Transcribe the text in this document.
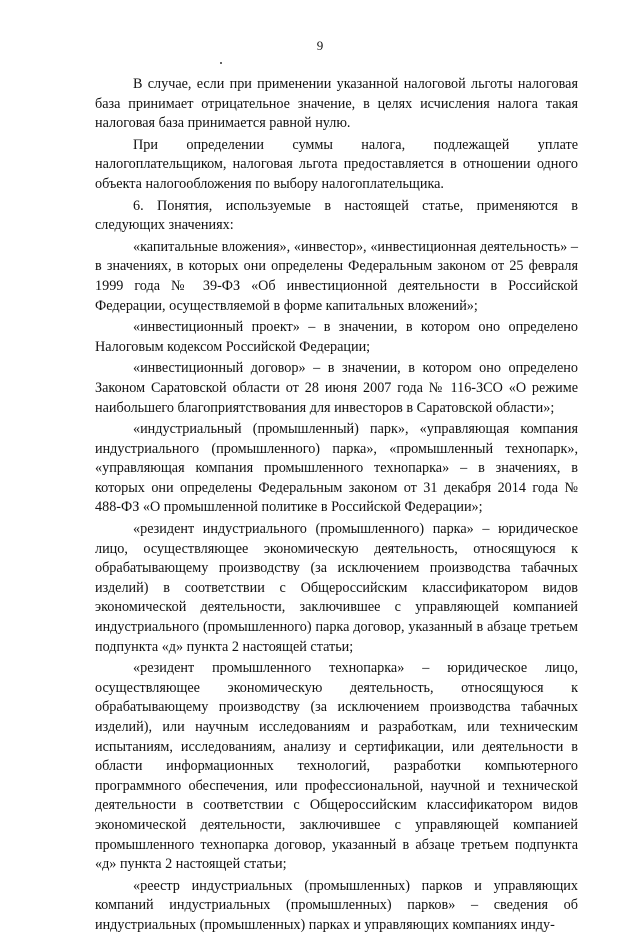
9

В случае, если при применении указанной налоговой льготы налоговая база принимает отрицательное значение, в целях исчисления налога такая налоговая база принимается равной нулю.

При определении суммы налога, подлежащей уплате налогоплательщиком, налоговая льгота предоставляется в отношении одного объекта налогообложения по выбору налогоплательщика.

6. Понятия, используемые в настоящей статье, применяются в следующих значениях:

«капитальные вложения», «инвестор», «инвестиционная деятельность» – в значениях, в которых они определены Федеральным законом от 25 февраля 1999 года № 39-ФЗ «Об инвестиционной деятельности в Российской Федерации, осуществляемой в форме капитальных вложений»;

«инвестиционный проект» – в значении, в котором оно определено Налоговым кодексом Российской Федерации;

«инвестиционный договор» – в значении, в котором оно определено Законом Саратовской области от 28 июня 2007 года № 116-ЗСО «О режиме наибольшего благоприятствования для инвесторов в Саратовской области»;

«индустриальный (промышленный) парк», «управляющая компания индустриального (промышленного) парка», «промышленный технопарк», «управляющая компания промышленного технопарка» – в значениях, в которых они определены Федеральным законом от 31 декабря 2014 года № 488-ФЗ «О промышленной политике в Российской Федерации»;

«резидент индустриального (промышленного) парка» – юридическое лицо, осуществляющее экономическую деятельность, относящуюся к обрабатывающему производству (за исключением производства табачных изделий) в соответствии с Общероссийским классификатором видов экономической деятельности, заключившее с управляющей компанией индустриального (промышленного) парка договор, указанный в абзаце третьем подпункта «д» пункта 2 настоящей статьи;

«резидент промышленного технопарка» – юридическое лицо, осуществляющее экономическую деятельность, относящуюся к обрабатывающему производству (за исключением производства табачных изделий), или научным исследованиям и разработкам, или техническим испытаниям, исследованиям, анализу и сертификации, или деятельности в области информационных технологий, разработки компьютерного программного обеспечения, или профессиональной, научной и технической деятельности в соответствии с Общероссийским классификатором видов экономической деятельности, заключившее с управляющей компанией промышленного технопарка договор, указанный в абзаце третьем подпункта «д» пункта 2 настоящей статьи;

«реестр индустриальных (промышленных) парков и управляющих компаний индустриальных (промышленных) парков» – сведения об индустриальных (промышленных) парках и управляющих компаниях инду-
